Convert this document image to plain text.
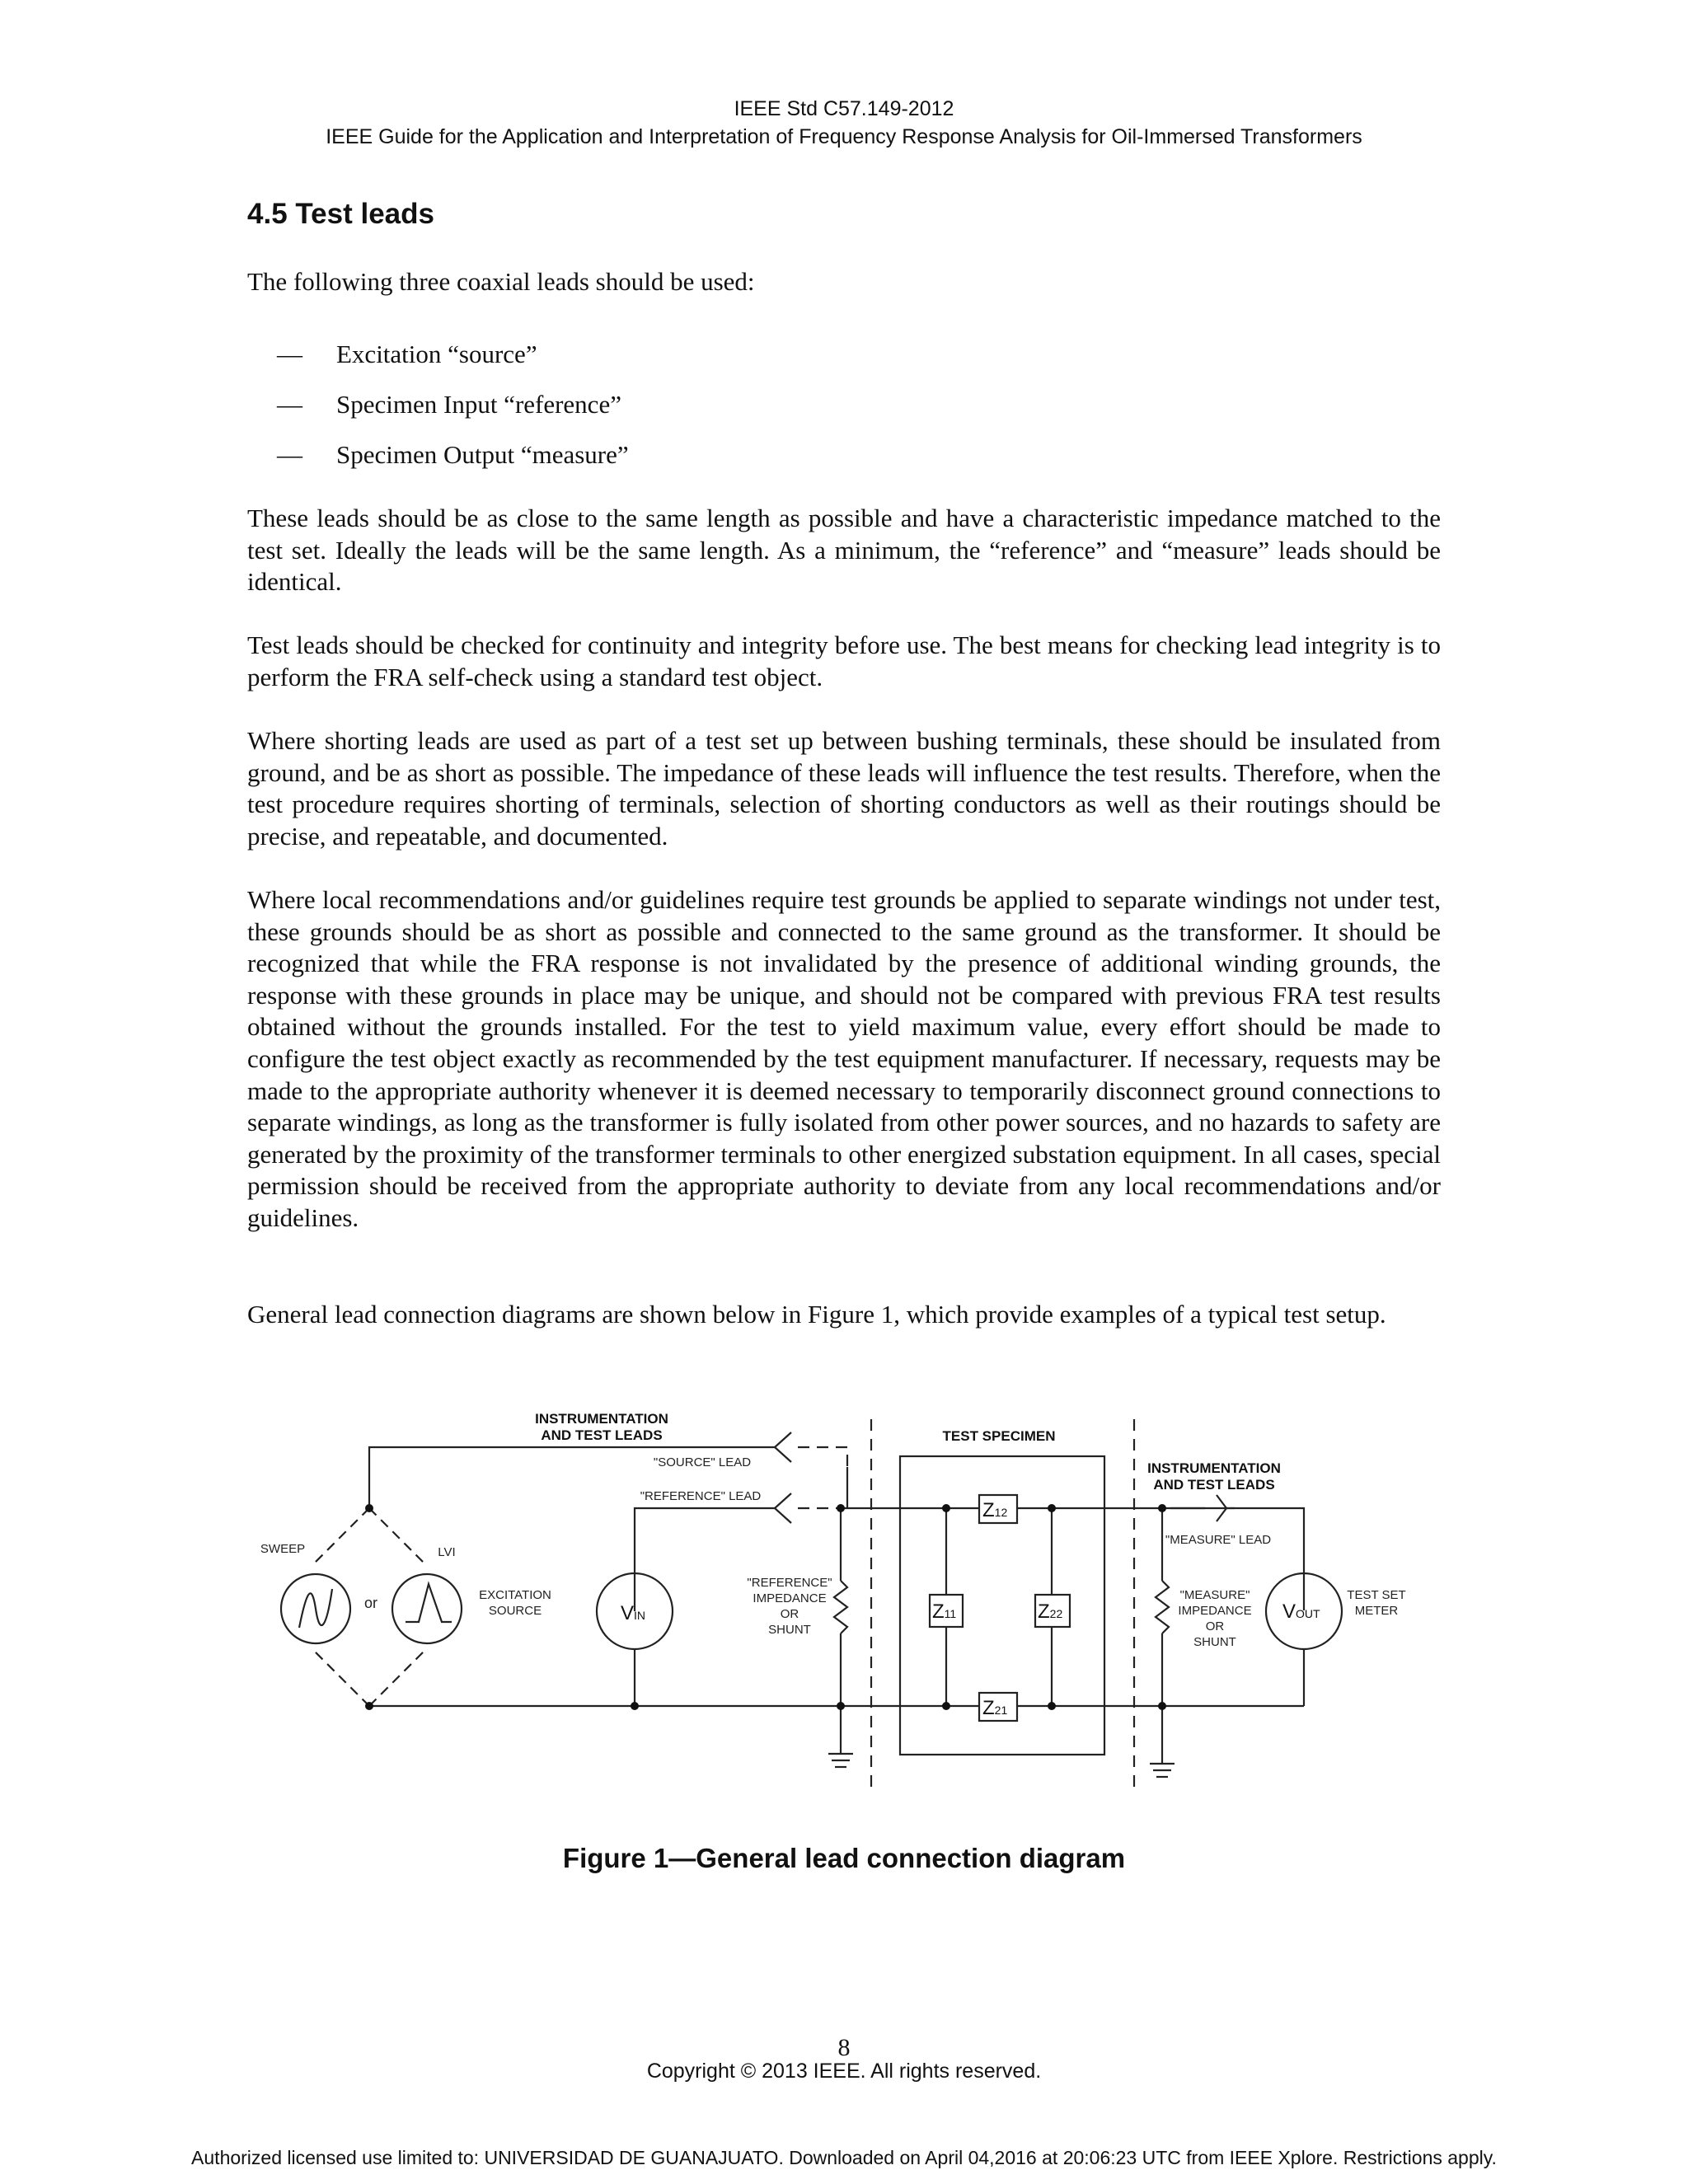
IEEE Std C57.149-2012
IEEE Guide for the Application and Interpretation of Frequency Response Analysis for Oil-Immersed Transformers
4.5 Test leads
The following three coaxial leads should be used:
— Excitation “source”
— Specimen Input “reference”
— Specimen Output “measure”
These leads should be as close to the same length as possible and have a characteristic impedance matched to the test set. Ideally the leads will be the same length. As a minimum, the “reference” and “measure” leads should be identical.
Test leads should be checked for continuity and integrity before use. The best means for checking lead integrity is to perform the FRA self-check using a standard test object.
Where shorting leads are used as part of a test set up between bushing terminals, these should be insulated from ground, and be as short as possible. The impedance of these leads will influence the test results. Therefore, when the test procedure requires shorting of terminals, selection of shorting conductors as well as their routings should be precise, and repeatable, and documented.
Where local recommendations and/or guidelines require test grounds be applied to separate windings not under test, these grounds should be as short as possible and connected to the same ground as the transformer. It should be recognized that while the FRA response is not invalidated by the presence of additional winding grounds, the response with these grounds in place may be unique, and should not be compared with previous FRA test results obtained without the grounds installed. For the test to yield maximum value, every effort should be made to configure the test object exactly as recommended by the test equipment manufacturer. If necessary, requests may be made to the appropriate authority whenever it is deemed necessary to temporarily disconnect ground connections to separate windings, as long as the transformer is fully isolated from other power sources, and no hazards to safety are generated by the proximity of the transformer terminals to other energized substation equipment. In all cases, special permission should be received from the appropriate authority to deviate from any local recommendations and/or guidelines.
General lead connection diagrams are shown below in Figure 1, which provide examples of a typical test setup.
INSTRUMENTATION
AND TEST LEADS	TEST SPECIMEN
INSTRUMENTATION
AND TEST LEADS
"SOURCE" LEAD
"REFERENCE" LEAD
"MEASURE" LEAD
SWEEP	LVI
or	EXCITATION
SOURCE	VIN	VOUT
"REFERENCE"
IMPEDANCE
OR
SHUNT
"MEASURE"
IMPEDANCE
OR
SHUNT
TEST SET
METER
Z12
Z11	Z22
Z21
Figure 1—General lead connection diagram
8
Copyright © 2013 IEEE. All rights reserved.
Authorized licensed use limited to: UNIVERSIDAD DE GUANAJUATO. Downloaded on April 04,2016 at 20:06:23 UTC from IEEE Xplore. Restrictions apply.
